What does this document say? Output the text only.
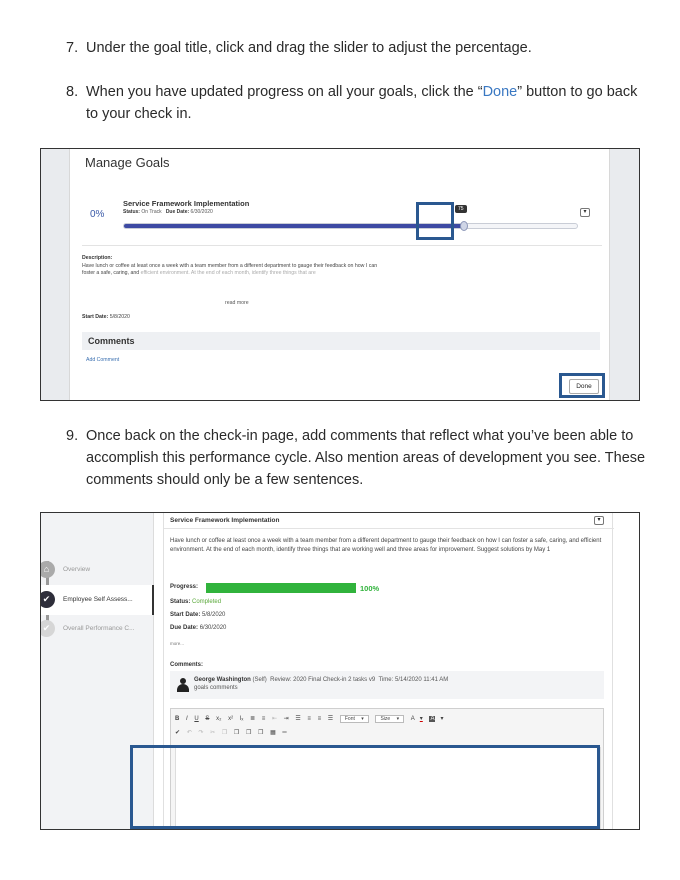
7. Under the goal title, click and drag the slider to adjust the percentage.
8. When you have updated progress on all your goals, click the “Done” button to go back to your check in.
Manage Goals
0%
Service Framework Implementation
Status: On Track Due Date: 6/30/2020	75	▾
Description:
Have lunch or coffee at least once a week with a team member from a different department to gauge their feedback on how I can foster a safe, caring, and efficient environment. At the end of each month, identify three things that are
read more
Start Date: 5/8/2020
Comments
Add Comment
Done
9. Once back on the check-in page, add comments that reflect what you’ve been able to accomplish this performance cycle. Also mention areas of development you see. These comments should only be a few sentences.
⌂	Overview
✔	Employee Self Assess...
✔	Overall Performance C...
Service Framework Implementation	▾
Have lunch or coffee at least once a week with a team member from a different department to gauge their feedback on how I can foster a safe, caring, and efficient environment. At the end of each month, identify three things that are working well and three areas for improvement. Suggest solutions by May 1
Progress:	100%
Status: Completed
Start Date: 5/8/2020
Due Date: 6/30/2020
more...
Comments:
George Washington (Self) Review: 2020 Final Check-in 2 tasks v9 Time: 5/14/2020 11:41 AM
goals comments
B I U S x₂ x² Iₓ ≣ ≡ ⇤ ⇥ ☰ ≡ ≡ ☰ Font ▾	Size ▾ A ▾ A ▾
✔ ↶ ↷ ✂ ❐ ❐ ❐ ❐ ▦ ═
